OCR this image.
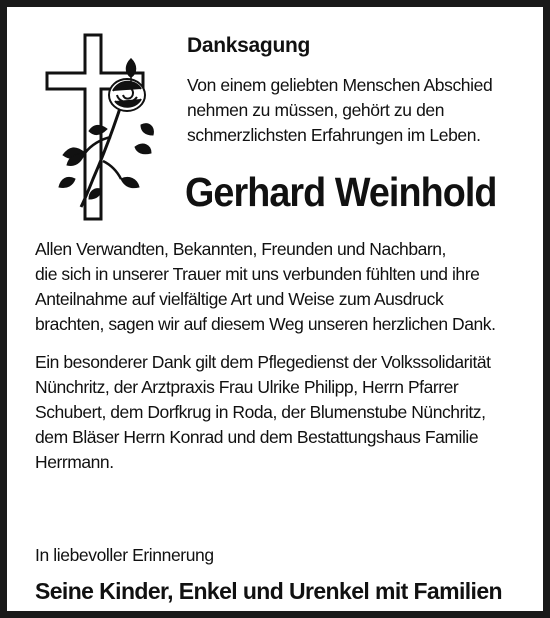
Danksagung

Von einem geliebten Menschen Abschied
nehmen zu müssen, gehört zu den
schmerzlichsten Erfahrungen im Leben.

Gerhard Weinhold

Allen Verwandten, Bekannten, Freunden und Nachbarn,
die sich in unserer Trauer mit uns verbunden fühlten und ihre
Anteilnahme auf vielfältige Art und Weise zum Ausdruck
brachten, sagen wir auf diesem Weg unseren herzlichen Dank.

Ein besonderer Dank gilt dem Pflegedienst der Volkssolidarität
Nünchritz, der Arztpraxis Frau Ulrike Philipp, Herrn Pfarrer
Schubert, dem Dorfkrug in Roda, der Blumenstube Nünchritz,
dem Bläser Herrn Konrad und dem Bestattungshaus Familie
Herrmann.

In liebevoller Erinnerung
Seine Kinder, Enkel und Urenkel mit Familien
